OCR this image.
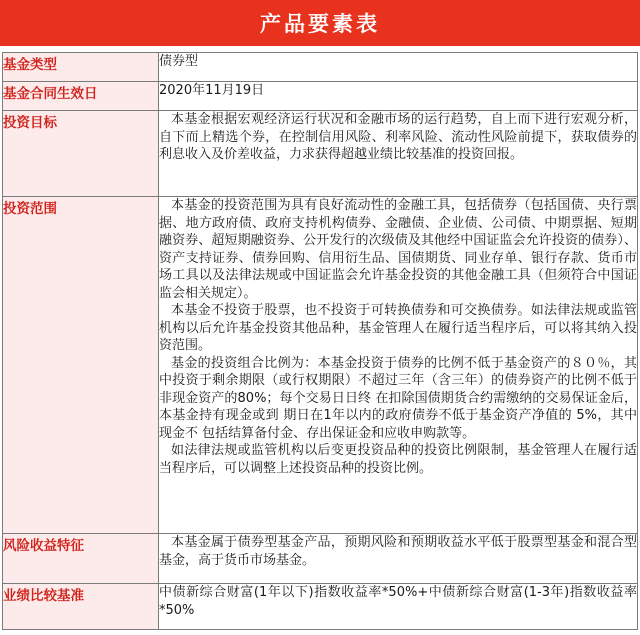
产品要素表
基金类型	债券型
基金合同生效日	2020年11月19日
投资目标	本基金根据宏观经济运行状况和金融市场的运行趋势，自上而下进行宏观分析，自下而上精选个券，在控制信用风险、利率风险、流动性风险前提下，获取债券的利息收入及价差收益，力求获得超越业绩比较基准的投资回报。

投资范围	本基金的投资范围为具有良好流动性的金融工具，包括债券（包括国债、央行票据、地方政府债、政府支持机构债券、金融债、企业债、公司债、中期票据、短期融资券、超短期融资券、公开发行的次级债及其他经中国证监会允许投资的债券）、资产支持证券、债券回购、信用衍生品、国债期货、同业存单、银行存款、货币市场工具以及法律法规或中国证监会允许基金投资的其他金融工具（但须符合中国证监会相关规定）。

本基金不投资于股票，也不投资于可转换债券和可交换债券。如法律法规或监管机构以后允许基金投资其他品种，基金管理人在履行适当程序后，可以将其纳入投资范围。

基金的投资组合比例为：本基金投资于债券的比例不低于基金资产的８０％，其中投资于剩余期限（或行权期限）不超过三年（含三年）的债券资产的比例不低于非现金资产的80%；每个交易日日终 在扣除国债期货合约需缴纳的交易保证金后，本基金持有现金或到 期日在1年以内的政府债券不低于基金资产净值的 5%，其中现金不 包括结算备付金、存出保证金和应收申购款等。

如法律法规或监管机构以后变更投资品种的投资比例限制，基金管理人在履行适当程序后，可以调整上述投资品种的投资比例。

风险收益特征	本基金属于债券型基金产品，预期风险和预期收益水平低于股票型基金和混合型基金，高于货币市场基金。

业绩比较基准	中债新综合财富(1年以下)指数收益率*50%+中债新综合财富(1-3年)指数收益率*50%
